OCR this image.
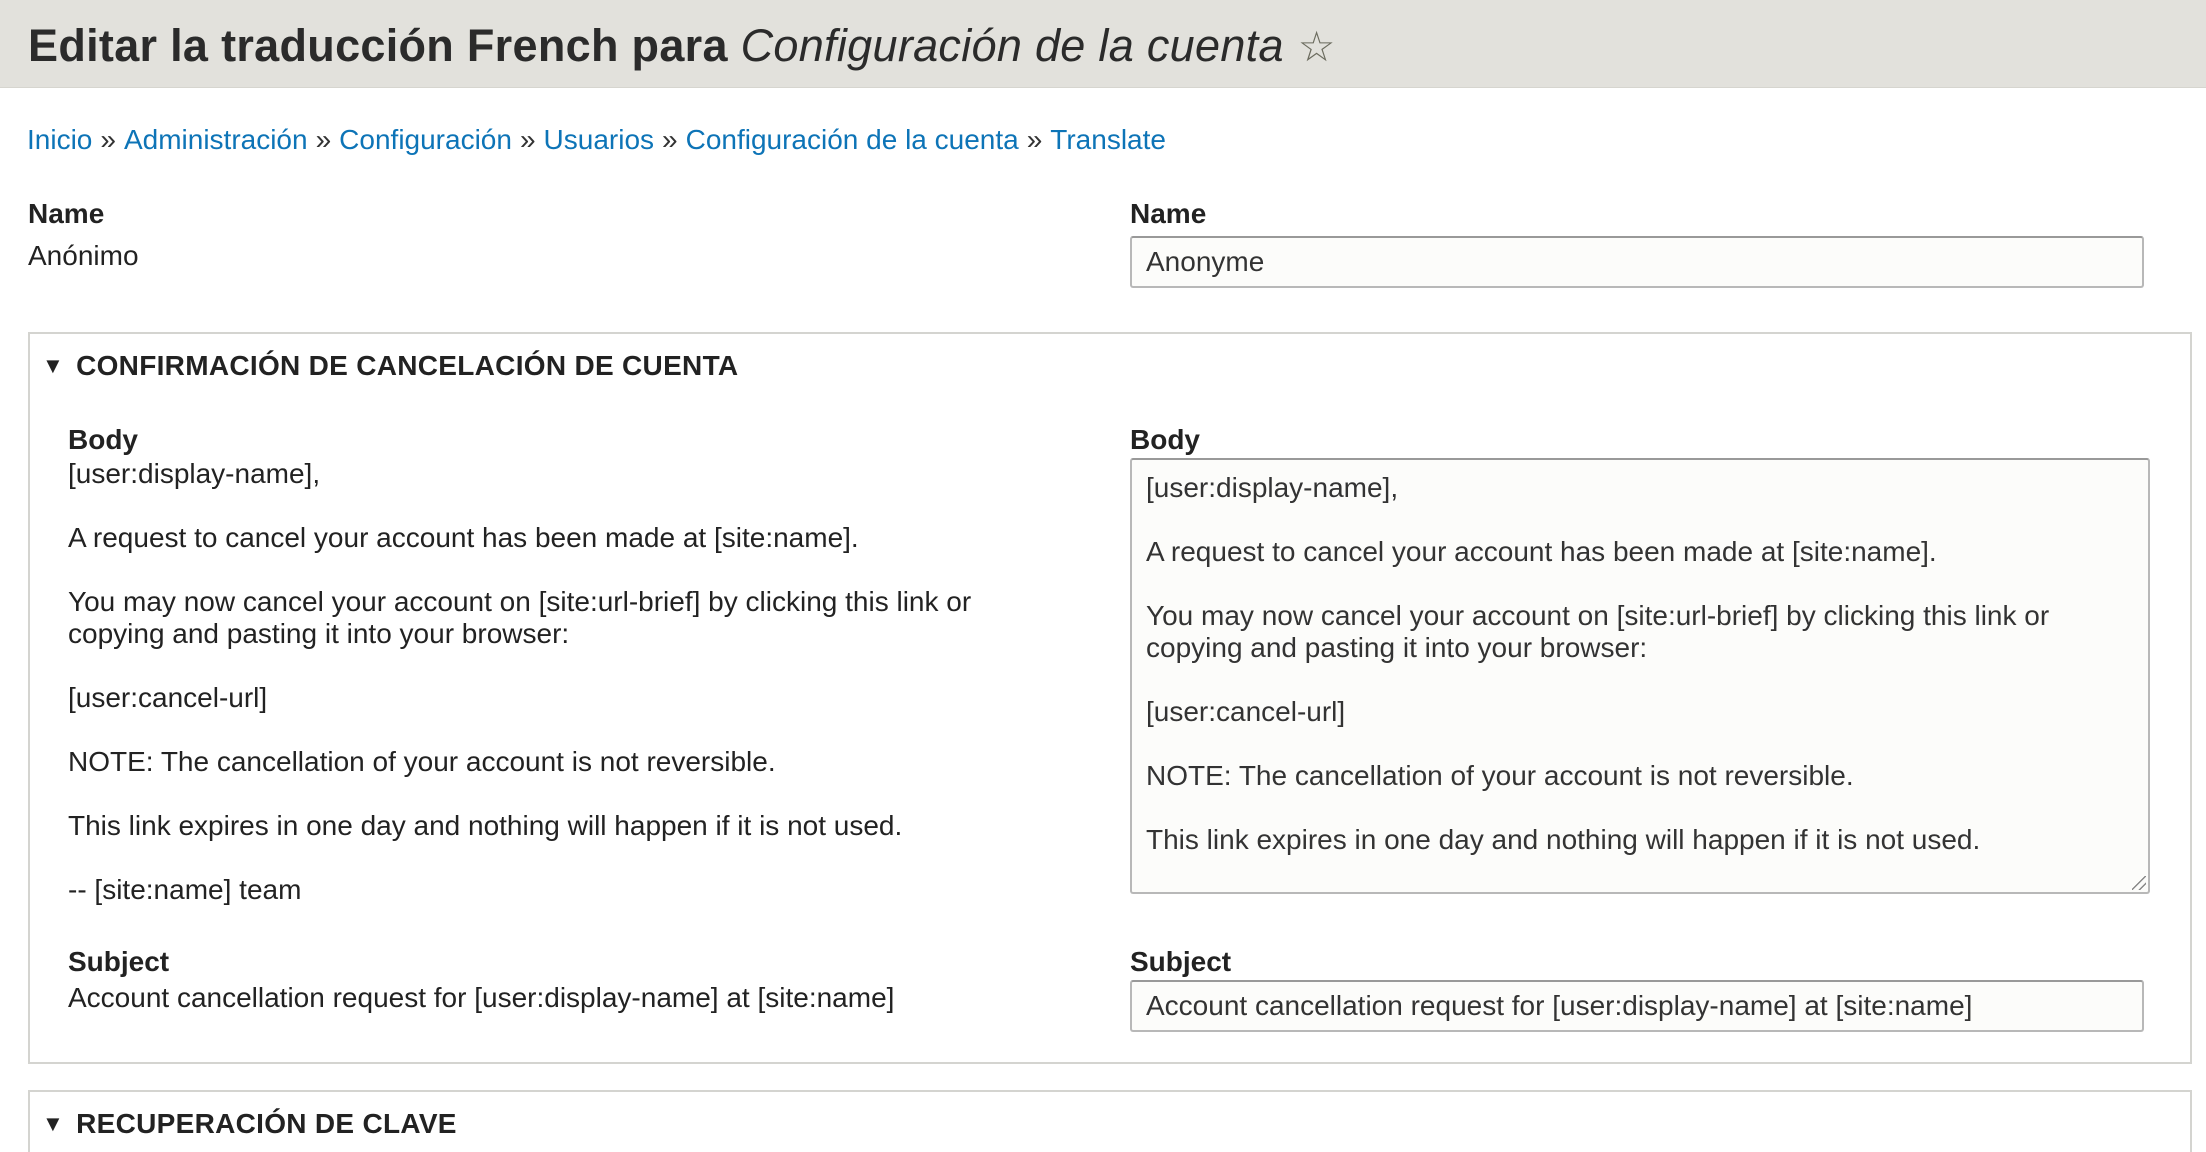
Editar la traducción French para Configuración de la cuenta ☆
Inicio » Administración » Configuración » Usuarios » Configuración de la cuenta » Translate
Name
Anónimo
Name
Anonyme
▼ CONFIRMACIÓN DE CANCELACIÓN DE CUENTA
Body
[user:display-name],

A request to cancel your account has been made at [site:name].

You may now cancel your account on [site:url-brief] by clicking this link or
copying and pasting it into your browser:

[user:cancel-url]

NOTE: The cancellation of your account is not reversible.

This link expires in one day and nothing will happen if it is not used.

-- [site:name] team
Body
[user:display-name], A request to cancel your account has been made at [site:name]. You may now cancel your account on [site:url-brief] by clicking this link or copying and pasting it into your browser: [user:cancel-url] NOTE: The cancellation of your account is not reversible. This link expires in one day and nothing will happen if it is not used. -- [site:name] team
Subject
Account cancellation request for [user:display-name] at [site:name]
Subject
Account cancellation request for [user:display-name] at [site:name]
▼ RECUPERACIÓN DE CLAVE
